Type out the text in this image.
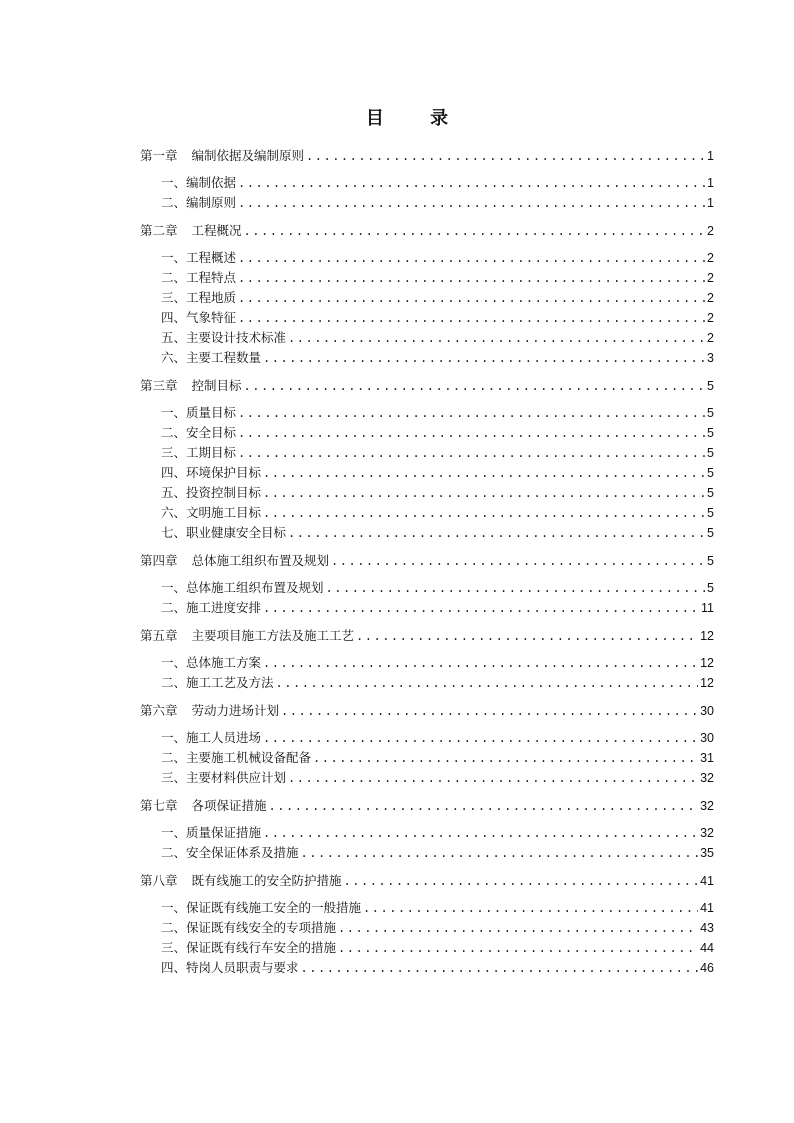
目 录
第一章 编制依据及编制原则 .....	1
一、编制依据 .....	1
二、编制原则 .....	1
第二章 工程概况 .....	2
一、工程概述 .....	2
二、工程特点 .....	2
三、工程地质 .....	2
四、气象特征 .....	2
五、主要设计技术标准 .....	2
六、主要工程数量 .....	3
第三章 控制目标 .....	5
一、质量目标 .....	5
二、安全目标 .....	5
三、工期目标 .....	5
四、环境保护目标 .....	5
五、投资控制目标 .....	5
六、文明施工目标 .....	5
七、职业健康安全目标 .....	5
第四章 总体施工组织布置及规划 .....	5
一、总体施工组织布置及规划 .....	5
二、施工进度安排 .....	11
第五章 主要项目施工方法及施工工艺 .....	12
一、总体施工方案 .....	12
二、施工工艺及方法 .....	12
第六章 劳动力进场计划 .....	30
一、施工人员进场 .....	30
二、主要施工机械设备配备 .....	31
三、主要材料供应计划 .....	32
第七章 各项保证措施 .....	32
一、质量保证措施 .....	32
二、安全保证体系及措施 .....	35
第八章 既有线施工的安全防护措施 .....	41
一、保证既有线施工安全的一般措施 .....	41
二、保证既有线安全的专项措施 .....	43
三、保证既有线行车安全的措施 .....	44
四、特岗人员职责与要求 .....	46
